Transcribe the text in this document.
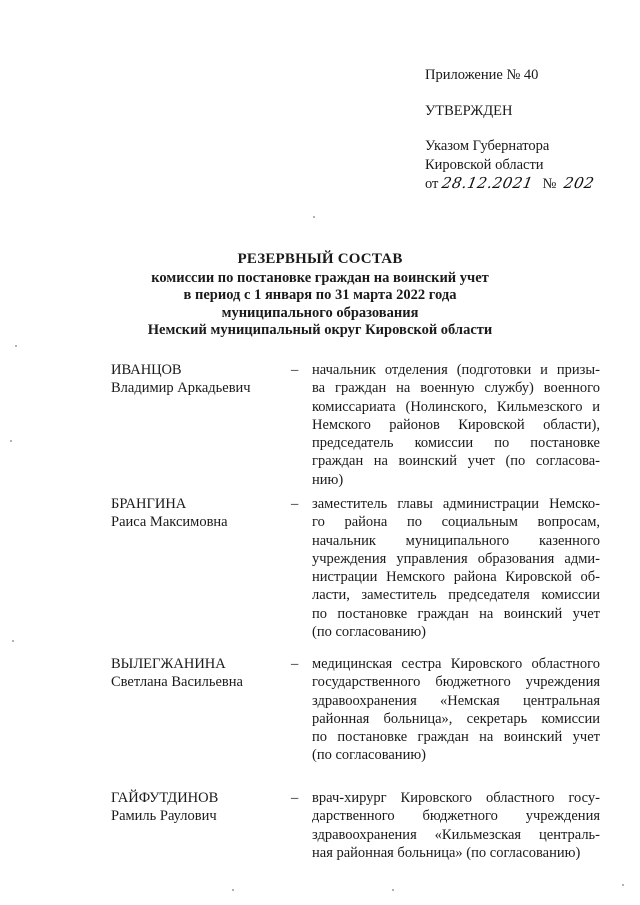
Приложение № 40
УТВЕРЖДЕН
Указом Губернатора
Кировской области
от 28.12.2021 № 202
РЕЗЕРВНЫЙ СОСТАВ
комиссии по постановке граждан на воинский учет
в период с 1 января по 31 марта 2022 года
муниципального образования
Немский муниципальный округ Кировской области
ИВАНЦОВ
Владимир Аркадьевич
– начальник отделения (подготовки и призы-
ва граждан на военную службу) военного
комиссариата (Нолинского, Кильмезского и
Немского районов Кировской области),
председатель комиссии по постановке
граждан на воинский учет (по согласова-
нию)
БРАНГИНА
Раиса Максимовна
– заместитель главы администрации Немско-
го района по социальным вопросам,
начальник муниципального казенного
учреждения управления образования адми-
нистрации Немского района Кировской об-
ласти, заместитель председателя комиссии
по постановке граждан на воинский учет
(по согласованию)
ВЫЛЕГЖАНИНА
Светлана Васильевна
– медицинская сестра Кировского областного
государственного бюджетного учреждения
здравоохранения «Немская центральная
районная больница», секретарь комиссии
по постановке граждан на воинский учет
(по согласованию)
ГАЙФУТДИНОВ
Рамиль Раулович
– врач-хирург Кировского областного госу-
дарственного бюджетного учреждения
здравоохранения «Кильмезская централь-
ная районная больница» (по согласованию)
